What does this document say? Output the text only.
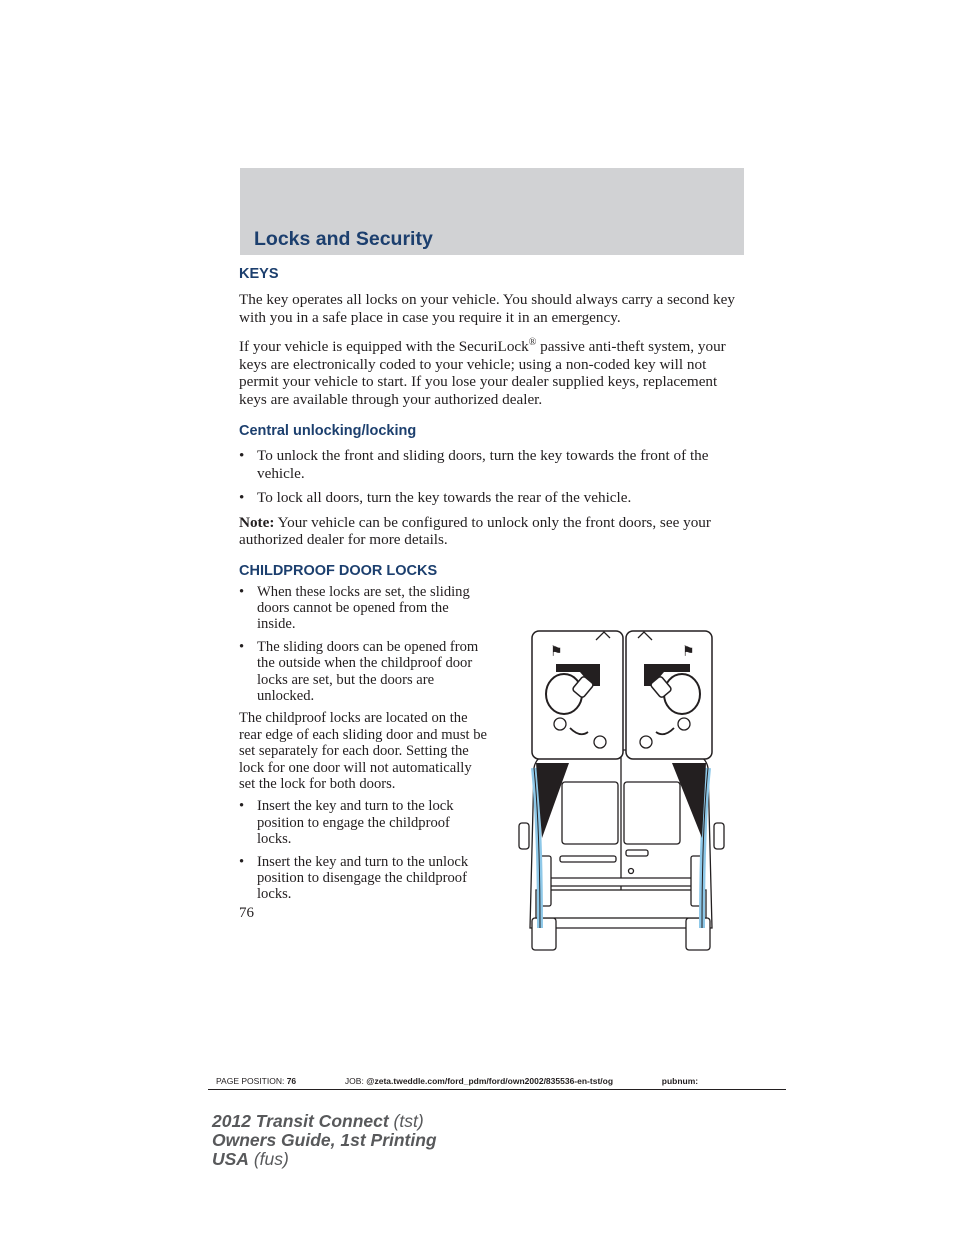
Locks and Security
KEYS

The key operates all locks on your vehicle. You should always carry a second key with you in a safe place in case you require it in an emergency.

If your vehicle is equipped with the SecuriLock® passive anti-theft system, your keys are electronically coded to your vehicle; using a non-coded key will not permit your vehicle to start. If you lose your dealer supplied keys, replacement keys are available through your authorized dealer.

Central unlocking/locking
• To unlock the front and sliding doors, turn the key towards the front of the vehicle.
• To lock all doors, turn the key towards the rear of the vehicle.

Note: Your vehicle can be configured to unlock only the front doors, see your authorized dealer for more details.

CHILDPROOF DOOR LOCKS
• When these locks are set, the sliding doors cannot be opened from the inside.
• The sliding doors can be opened from the outside when the childproof door locks are set, but the doors are unlocked.

The childproof locks are located on the rear edge of each sliding door and must be set separately for each door. Setting the lock for one door will not automatically set the lock for both doors.

• Insert the key and turn to the lock position to engage the childproof locks.
• Insert the key and turn to the unlock position to disengage the childproof locks.
76
⚑	⚑
PAGE POSITION: 76	JOB: @zeta.tweddle.com/ford_pdm/ford/own2002/835536-en-tst/og	pubnum:
2012 Transit Connect (tst)
Owners Guide, 1st Printing
USA (fus)
